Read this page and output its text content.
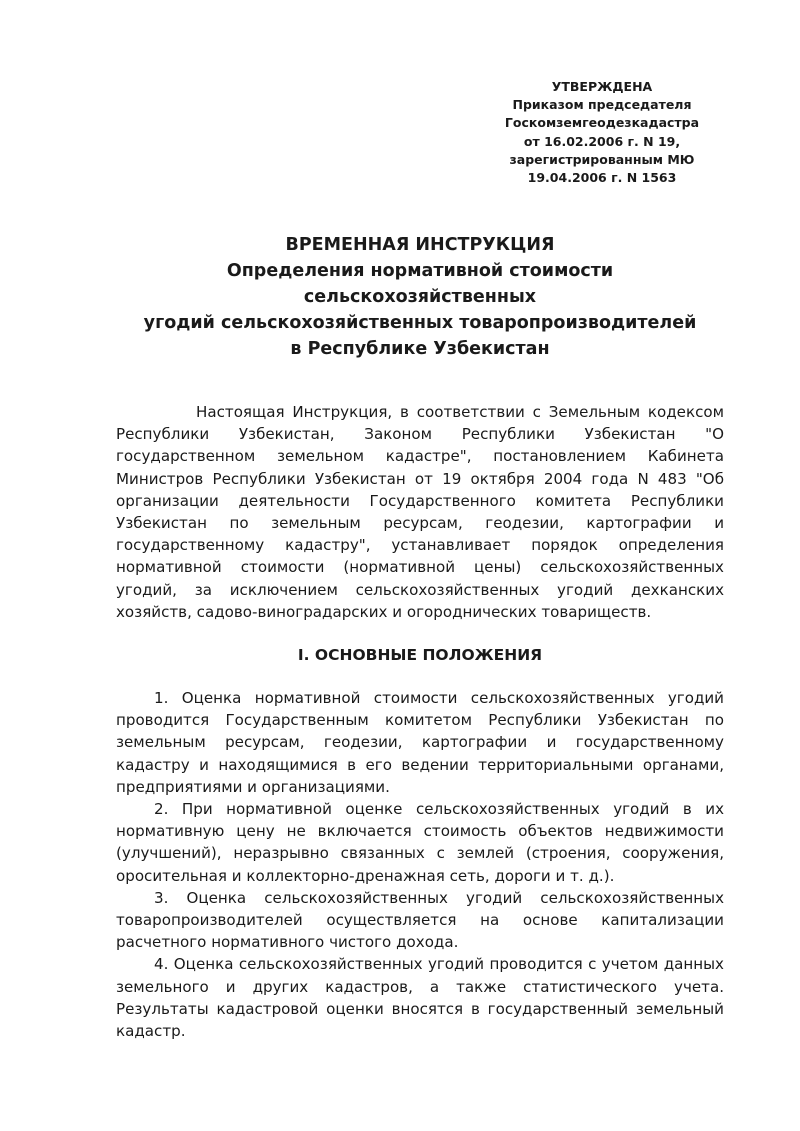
УТВЕРЖДЕНА
Приказом председателя
Госкомземгеодезкадастра
от 16.02.2006 г. N 19,
зарегистрированным МЮ
19.04.2006 г. N 1563
ВРЕМЕННАЯ ИНСТРУКЦИЯ
Определения нормативной стоимости
сельскохозяйственных
угодий сельскохозяйственных товаропроизводителей
в Республике Узбекистан

Настоящая Инструкция, в соответствии с Земельным кодексом Республики Узбекистан, Законом Республики Узбекистан "О государственном земельном кадастре", постановлением Кабинета Министров Республики Узбекистан от 19 октября 2004 года N 483 "Об организации деятельности Государственного комитета Республики Узбекистан по земельным ресурсам, геодезии, картографии и государственному кадастру", устанавливает порядок определения нормативной стоимости (нормативной цены) сельскохозяйственных угодий, за исключением сельскохозяйственных угодий дехканских хозяйств, садово-виноградарских и огороднических товариществ.

I. ОСНОВНЫЕ ПОЛОЖЕНИЯ

1. Оценка нормативной стоимости сельскохозяйственных угодий проводится Государственным комитетом Республики Узбекистан по земельным ресурсам, геодезии, картографии и государственному кадастру и находящимися в его ведении территориальными органами, предприятиями и организациями.

2. При нормативной оценке сельскохозяйственных угодий в их нормативную цену не включается стоимость объектов недвижимости (улучшений), неразрывно связанных с землей (строения, сооружения, оросительная и коллекторно-дренажная сеть, дороги и т. д.).

3. Оценка сельскохозяйственных угодий сельскохозяйственных товаропроизводителей осуществляется на основе капитализации расчетного нормативного чистого дохода.

4. Оценка сельскохозяйственных угодий проводится с учетом данных земельного и других кадастров, а также статистического учета. Результаты кадастровой оценки вносятся в государственный земельный кадастр.
